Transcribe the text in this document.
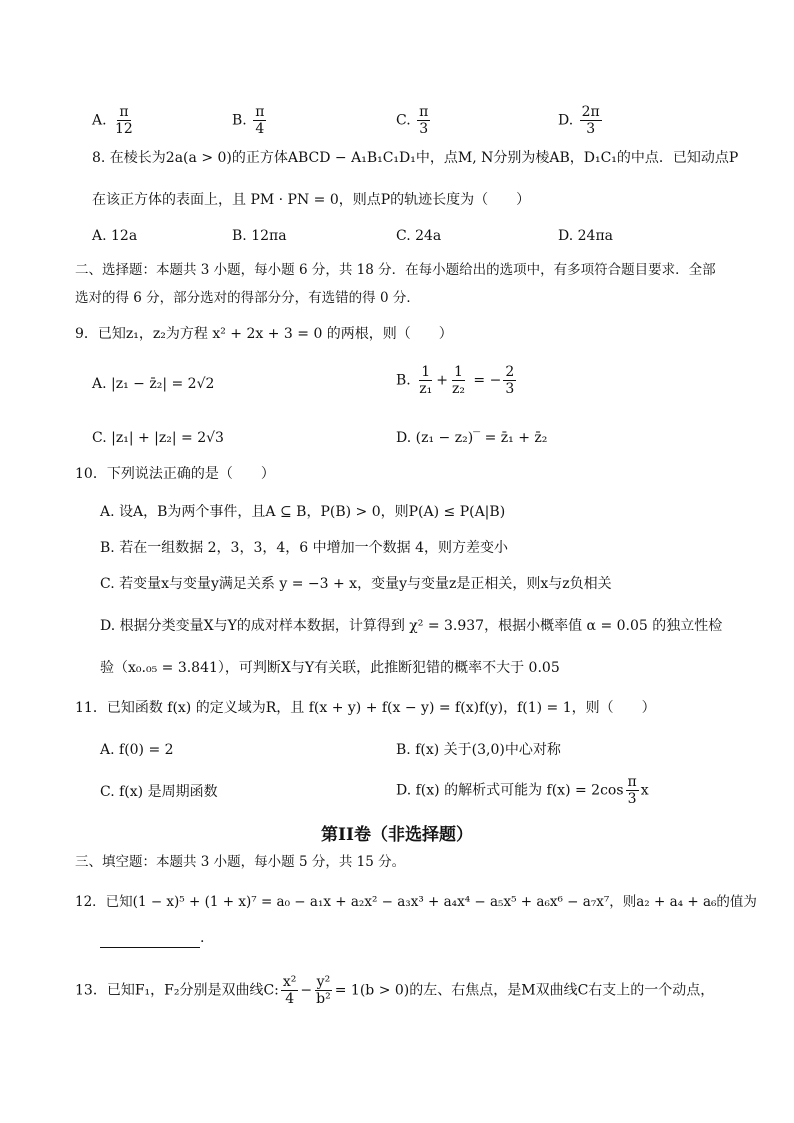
A. $\frac{\pi}{12}$	B. $\frac{\pi}{4}$	C. $\frac{\pi}{3}$	D. $\frac{2\pi}{3}$
8. 在棱长为2a(a > 0)的正方体ABCD − A₁B₁C₁D₁中，点M, N分别为棱AB，D₁C₁的中点．已知动点P
在该正方体的表面上，且 PM · PN = 0，则点P的轨迹长度为（　　）
A. 12a	B. 12πa	C. 24a	D. 24πa
二、选择题：本题共 3 小题，每小题 6 分，共 18 分．在每小题给出的选项中，有多项符合题目要求．全部
选对的得 6 分，部分选对的得部分分，有选错的得 0 分．
9．已知z₁，z₂为方程 x² + 2x + 3 = 0 的两根，则（　　）
A. |z₁ − z̄₂| = 2√2	B. $\frac{1}{\text{z₁}} + \frac{1}{\text{z₂}}$ = − $\frac{2}{3}$
C. |z₁| + |z₂| = 2√3	D. (z₁ − z₂)‾ = z̄₁ + z̄₂
10．下列说法正确的是（　　）
A. 设A，B为两个事件，且A ⊆ B，P(B) > 0，则P(A) ≤ P(A|B)
B. 若在一组数据 2，3，3，4，6 中增加一个数据 4，则方差变小
C. 若变量x与变量y满足关系 y = −3 + x，变量y与变量z是正相关，则x与z负相关
D. 根据分类变量X与Y的成对样本数据，计算得到 χ² = 3.937，根据小概率值 α = 0.05 的独立性检
验（x₀.₀₅ = 3.841），可判断X与Y有关联，此推断犯错的概率不大于 0.05
11．已知函数 f(x) 的定义域为R，且 f(x + y) + f(x − y) = f(x)f(y)，f(1) = 1，则（　　）
A. f(0) = 2	B. f(x) 关于(3,0)中心对称
C. f(x) 是周期函数	D. f(x) 的解析式可能为 $f(x) = 2\cos \frac{\pi}{3}$ x
第II卷（非选择题）
三、填空题：本题共 3 小题，每小题 5 分，共 15 分。
12．已知(1 − x)⁵ + (1 + x)⁷ = a₀ − a₁x + a₂x² − a₃x³ + a₄x⁴ − a₅x⁵ + a₆x⁶ − a₇x⁷，则a₂ + a₄ + a₆的值为
.
13．已知F₁，F₂分别是双曲线C: $\frac{\text{x²}}{4} - \frac{\text{y²}}{\text{b²}} = 1(b > 0)$的左、右焦点，是M双曲线C右支上的一个动点，
